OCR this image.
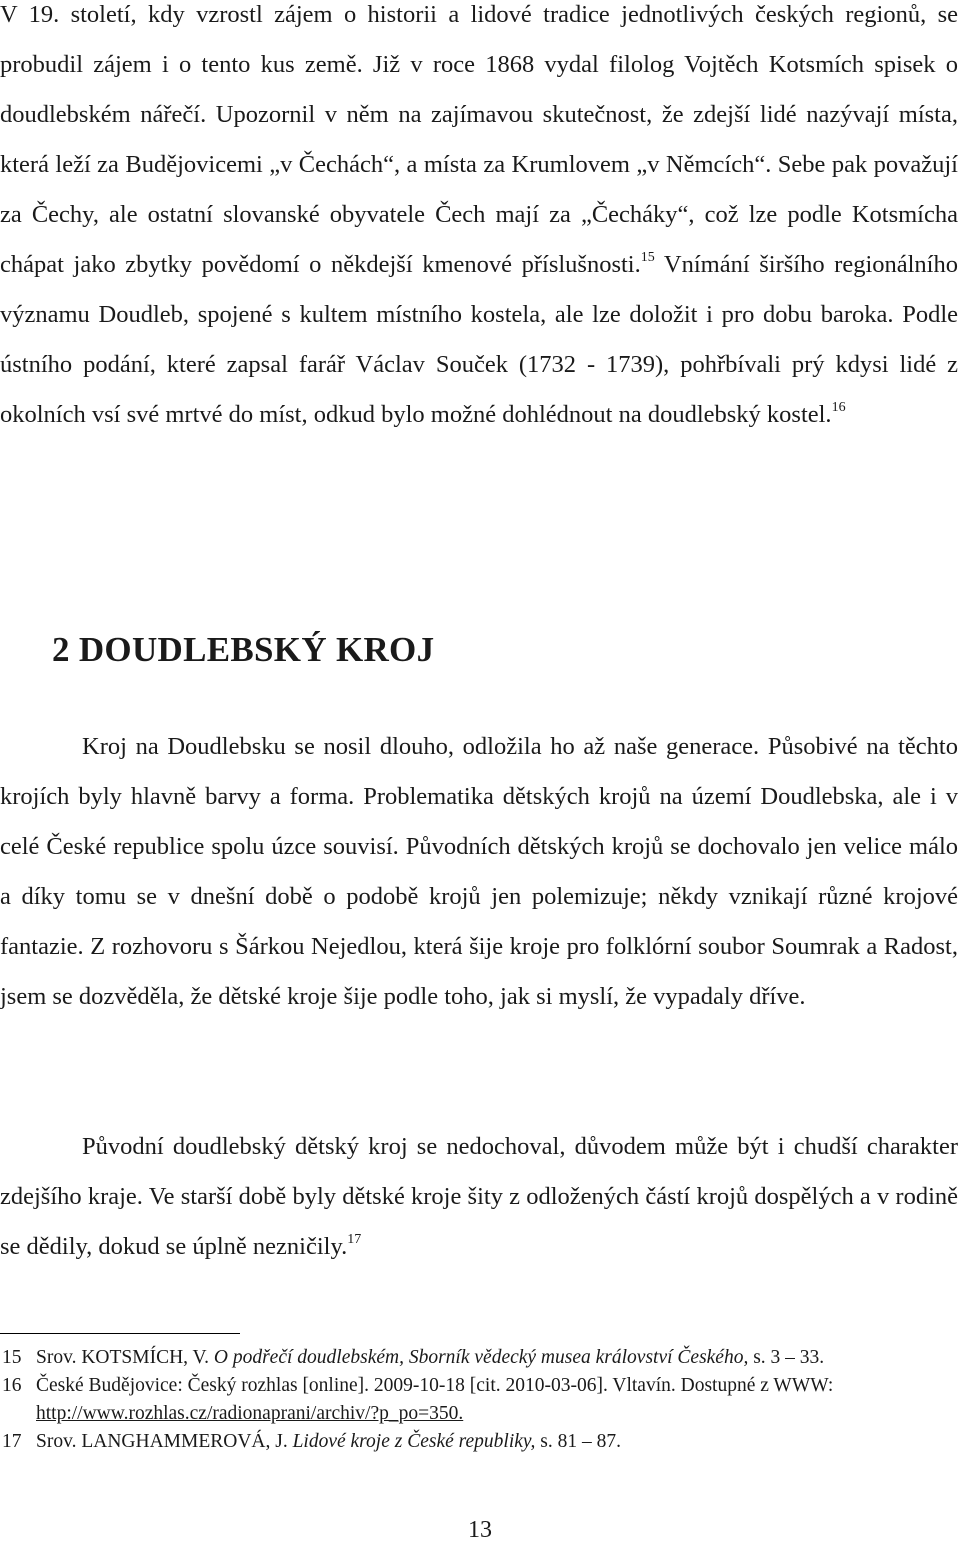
V 19. století, kdy vzrostl zájem o historii a lidové tradice jednotlivých českých regionů, se probudil zájem i o tento kus země. Již v roce 1868 vydal filolog Vojtěch Kotsmích spisek o doudlebském nářečí. Upozornil v něm na zajímavou skutečnost, že zdejší lidé nazývají místa, která leží za Budějovicemi „v Čechách“, a místa za Krumlovem „v Němcích“. Sebe pak považují za Čechy, ale ostatní slovanské obyvatele Čech mají za „Čecháky“, což lze podle Kotsmícha chápat jako zbytky povědomí o někdejší kmenové příslušnosti.$^{15}$ Vnímání širšího regionálního významu Doudleb, spojené s kultem místního kostela, ale lze doložit i pro dobu baroka. Podle ústního podání, které zapsal farář Václav Souček (1732 - 1739), pohřbívali prý kdysi lidé z okolních vsí své mrtvé do míst, odkud bylo možné dohlédnout na doudlebský kostel.$^{16}$

2 DOUDLEBSKÝ KROJ

Kroj na Doudlebsku se nosil dlouho, odložila ho až naše generace. Působivé na těchto krojích byly hlavně barvy a forma. Problematika dětských krojů na území Doudlebska, ale i v celé České republice spolu úzce souvisí. Původních dětských krojů se dochovalo jen velice málo a díky tomu se v dnešní době o podobě krojů jen polemizuje; někdy vznikají různé krojové fantazie. Z rozhovoru s Šárkou Nejedlou, která šije kroje pro folklórní soubor Soumrak a Radost, jsem se dozvěděla, že dětské kroje šije podle toho, jak si myslí, že vypadaly dříve.

Původní doudlebský dětský kroj se nedochoval, důvodem může být i chudší charakter zdejšího kraje. Ve starší době byly dětské kroje šity z odložených částí krojů dospělých a v rodině se dědily, dokud se úplně nezničily.$^{17}$

15 Srov. KOTSMÍCH, V. O podřečí doudlebském, Sborník vědecký musea království Českého, s. 3 – 33.
16 České Budějovice: Český rozhlas [online]. 2009-10-18 [cit. 2010-03-06]. Vltavín. Dostupné z WWW: http://www.rozhlas.cz/radionaprani/archiv/?p_po=350.
17 Srov. LANGHAMMEROVÁ, J. Lidové kroje z České republiky, s. 81 – 87.
13
